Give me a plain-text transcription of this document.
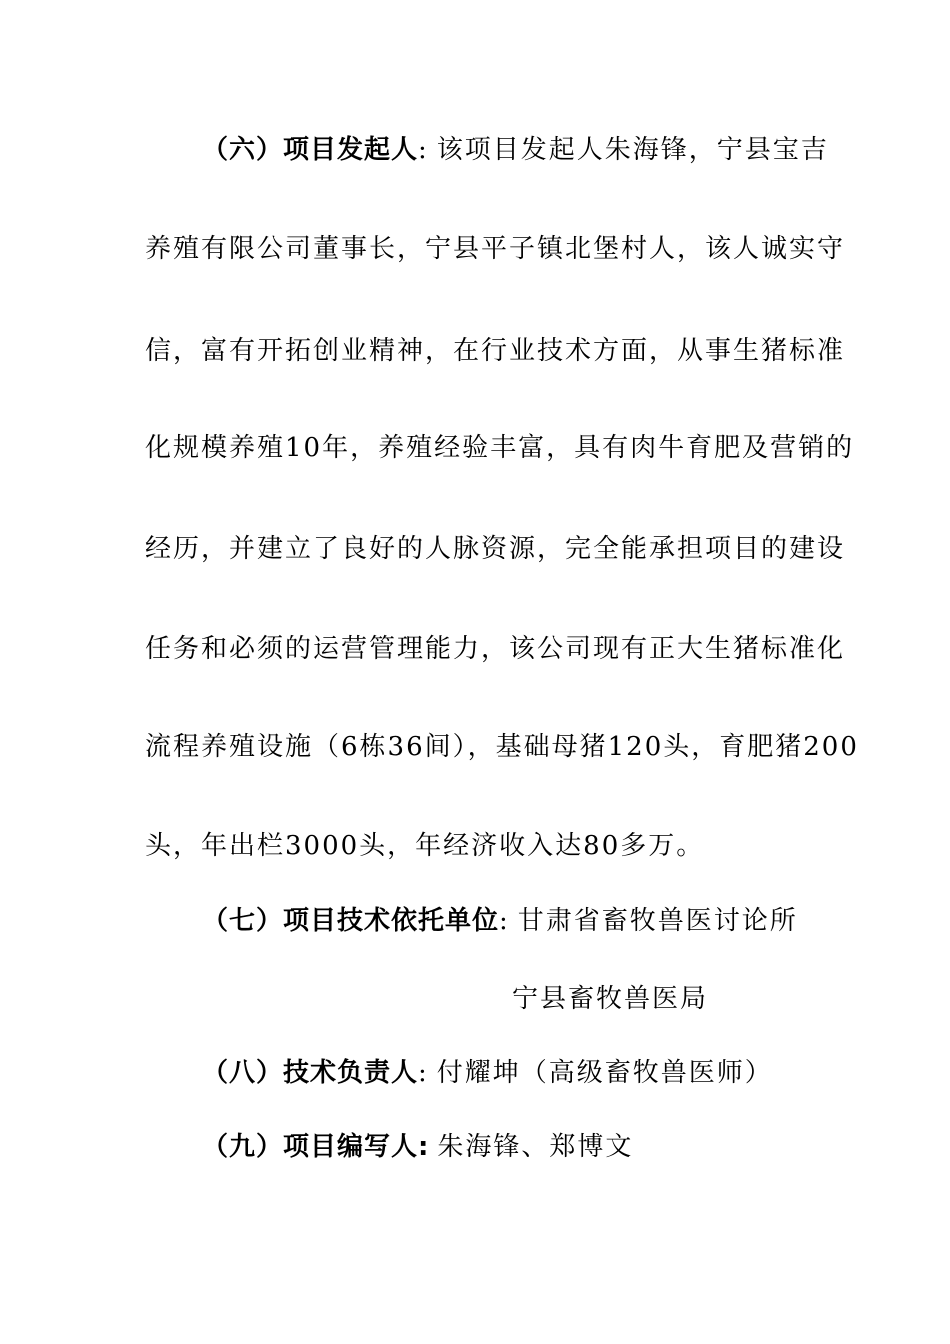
（六）项目发起人: 该项目发起人朱海锋，宁县宝吉
养殖有限公司董事长，宁县平子镇北堡村人，该人诚实守
信，富有开拓创业精神，在行业技术方面，从事生猪标准
化规模养殖10年，养殖经验丰富，具有肉牛育肥及营销的
经历，并建立了良好的人脉资源，完全能承担项目的建设
任务和必须的运营管理能力，该公司现有正大生猪标准化
流程养殖设施（6栋36间），基础母猪120头，育肥猪200
头，年出栏3000头，年经济收入达80多万。
（七）项目技术依托单位: 甘肃省畜牧兽医讨论所
宁县畜牧兽医局
（八）技术负责人: 付耀坤（高级畜牧兽医师）
（九）项目编写人: 朱海锋、郑博文
